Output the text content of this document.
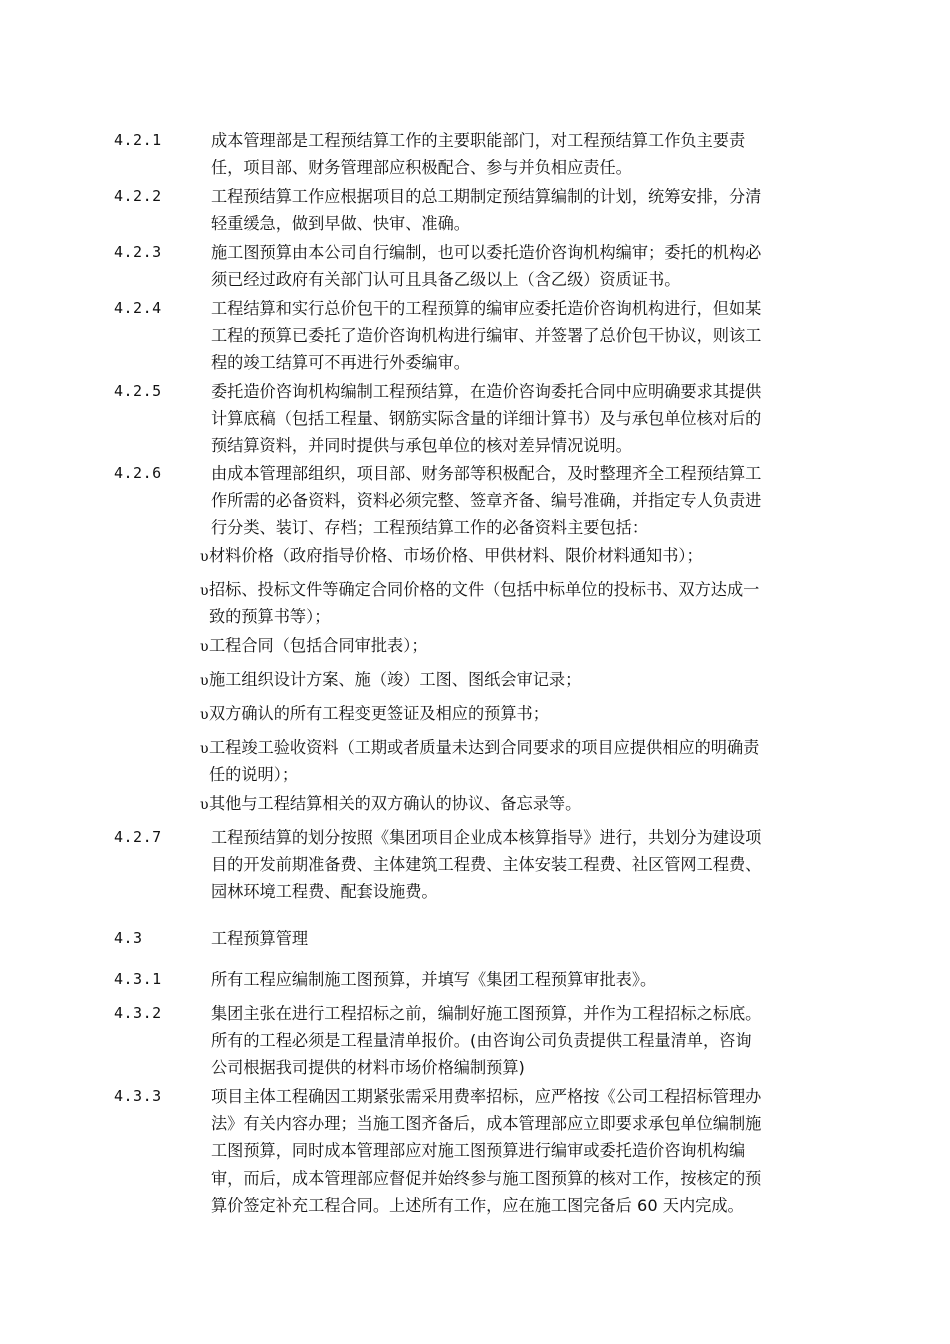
4.2.1	成本管理部是工程预结算工作的主要职能部门，对工程预结算工作负主要责
任，项目部、财务管理部应积极配合、参与并负相应责任。
4.2.2	工程预结算工作应根据项目的总工期制定预结算编制的计划，统筹安排，分清
轻重缓急，做到早做、快审、准确。
4.2.3	施工图预算由本公司自行编制，也可以委托造价咨询机构编审；委托的机构必
须已经过政府有关部门认可且具备乙级以上（含乙级）资质证书。
4.2.4	工程结算和实行总价包干的工程预算的编审应委托造价咨询机构进行，但如某
工程的预算已委托了造价咨询机构进行编审、并签署了总价包干协议，则该工
程的竣工结算可不再进行外委编审。
4.2.5	委托造价咨询机构编制工程预结算，在造价咨询委托合同中应明确要求其提供
计算底稿（包括工程量、钢筋实际含量的详细计算书）及与承包单位核对后的
预结算资料，并同时提供与承包单位的核对差异情况说明。
4.2.6	由成本管理部组织，项目部、财务部等积极配合，及时整理齐全工程预结算工
作所需的必备资料，资料必须完整、签章齐备、编号准确，并指定专人负责进
行分类、装订、存档；工程预结算工作的必备资料主要包括：
υ 材料价格（政府指导价格、市场价格、甲供材料、限价材料通知书）；
υ 招标、投标文件等确定合同价格的文件（包括中标单位的投标书、双方达成一
致的预算书等）；
υ 工程合同（包括合同审批表）；
υ 施工组织设计方案、施（竣）工图、图纸会审记录；
υ 双方确认的所有工程变更签证及相应的预算书；
υ 工程竣工验收资料（工期或者质量未达到合同要求的项目应提供相应的明确责
任的说明）；
υ 其他与工程结算相关的双方确认的协议、备忘录等。
4.2.7	工程预结算的划分按照《集团项目企业成本核算指导》进行，共划分为建设项
目的开发前期准备费、主体建筑工程费、主体安装工程费、社区管网工程费、
园林环境工程费、配套设施费。
4.3	工程预算管理
4.3.1	所有工程应编制施工图预算，并填写《集团工程预算审批表》。
4.3.2	集团主张在进行工程招标之前，编制好施工图预算，并作为工程招标之标底。
所有的工程必须是工程量清单报价。(由咨询公司负责提供工程量清单，咨询
公司根据我司提供的材料市场价格编制预算)
4.3.3	项目主体工程确因工期紧张需采用费率招标，应严格按《公司工程招标管理办
法》有关内容办理；当施工图齐备后，成本管理部应立即要求承包单位编制施
工图预算，同时成本管理部应对施工图预算进行编审或委托造价咨询机构编
审，而后，成本管理部应督促并始终参与施工图预算的核对工作，按核定的预
算价签定补充工程合同。上述所有工作，应在施工图完备后 60 天内完成。
